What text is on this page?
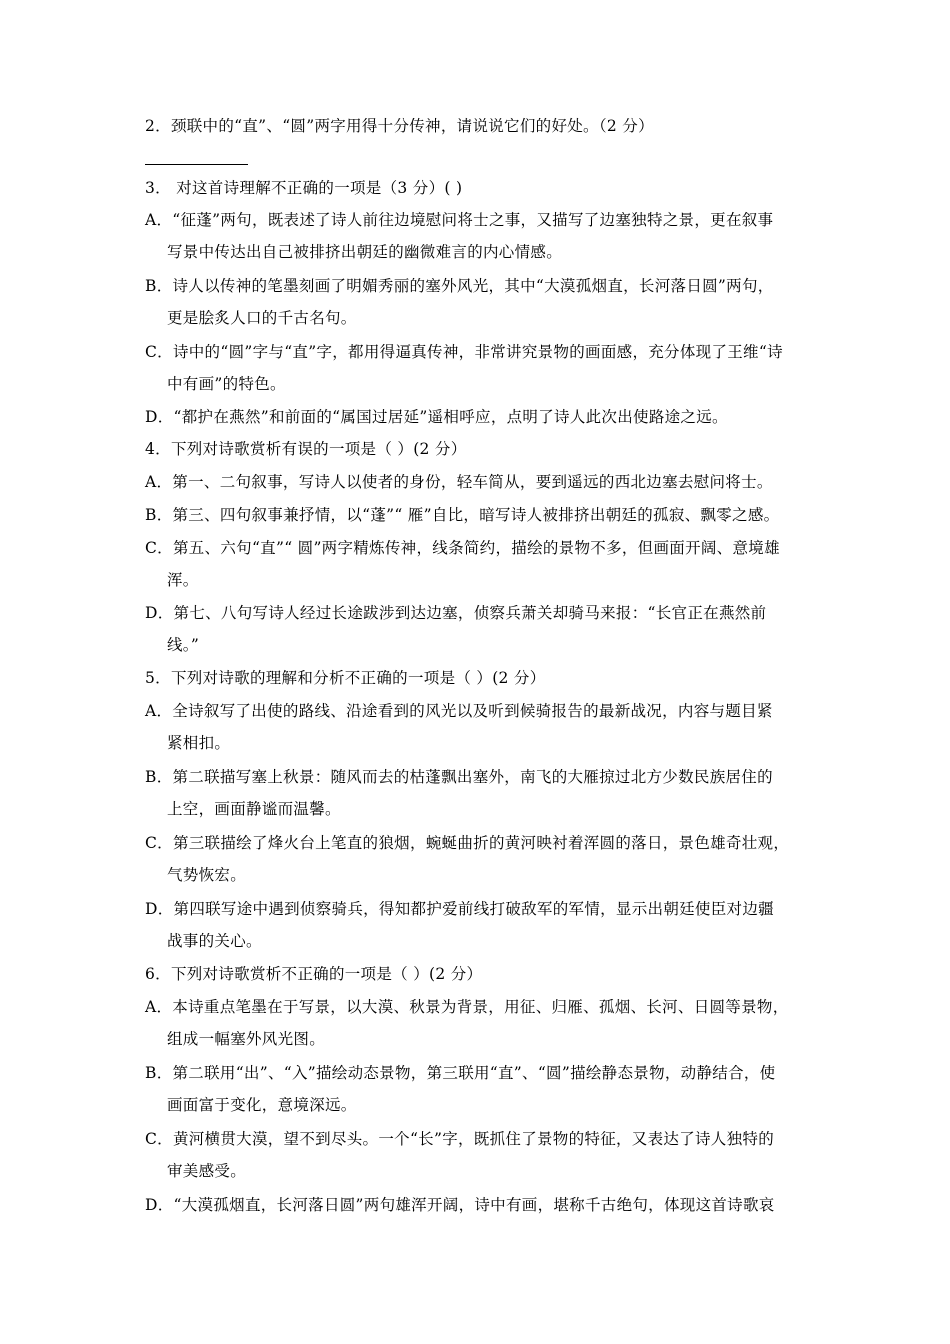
2．颈联中的“直”、“圆”两字用得十分传神，请说说它们的好处。（2 分）
3． 对这首诗理解不正确的一项是（3 分）( )
A．“征蓬”两句，既表述了诗人前往边境慰问将士之事，又描写了边塞独特之景，更在叙事
写景中传达出自己被排挤出朝廷的幽微难言的内心情感。
B．诗人以传神的笔墨刻画了明媚秀丽的塞外风光，其中“大漠孤烟直，长河落日圆”两句，
更是脍炙人口的千古名句。
C．诗中的“圆”字与“直”字，都用得逼真传神，非常讲究景物的画面感，充分体现了王维“诗
中有画”的特色。
D．“都护在燕然”和前面的“属国过居延”遥相呼应，点明了诗人此次出使路途之远。
4．下列对诗歌赏析有误的一项是（ ）(2 分）
A．第一、二句叙事，写诗人以使者的身份，轻车简从，要到遥远的西北边塞去慰问将士。
B．第三、四句叙事兼抒情，以“蓬”“ 雁”自比，暗写诗人被排挤出朝廷的孤寂、飘零之感。
C．第五、六句“直”“ 圆”两字精炼传神，线条简约，描绘的景物不多，但画面开阔、意境雄
浑。
D．第七、八句写诗人经过长途跋涉到达边塞，侦察兵萧关却骑马来报：“长官正在燕然前
线。”
5．下列对诗歌的理解和分析不正确的一项是（ ）(2 分）
A．全诗叙写了出使的路线、沿途看到的风光以及听到候骑报告的最新战况，内容与题目紧
紧相扣。
B．第二联描写塞上秋景：随风而去的枯蓬飘出塞外，南飞的大雁掠过北方少数民族居住的
上空，画面静谧而温馨。
C．第三联描绘了烽火台上笔直的狼烟，蜿蜒曲折的黄河映衬着浑圆的落日，景色雄奇壮观，
气势恢宏。
D．第四联写途中遇到侦察骑兵，得知都护爱前线打破敌军的军情，显示出朝廷使臣对边疆
战事的关心。
6．下列对诗歌赏析不正确的一项是（ ）(2 分）
A．本诗重点笔墨在于写景，以大漠、秋景为背景，用征、归雁、孤烟、长河、日圆等景物，
组成一幅塞外风光图。
B．第二联用“出”、“入”描绘动态景物，第三联用“直”、“圆”描绘静态景物，动静结合，使
画面富于变化，意境深远。
C．黄河横贯大漠，望不到尽头。一个“长”字，既抓住了景物的特征，又表达了诗人独特的
审美感受。
D．“大漠孤烟直，长河落日圆”两句雄浑开阔，诗中有画，堪称千古绝句，体现这首诗歌哀
